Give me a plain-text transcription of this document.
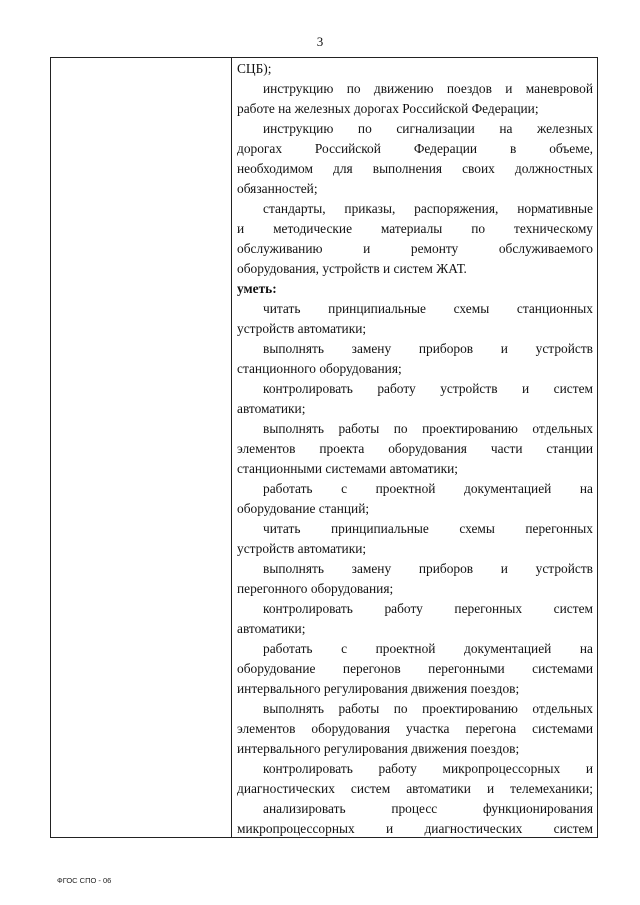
3
СЦБ);
инструкцию по движению поездов и маневровой
работе на железных дорогах Российской Федерации;
инструкцию по сигнализации на железных
дорогах Российской Федерации в объеме,
необходимом для выполнения своих должностных
обязанностей;
стандарты, приказы, распоряжения, нормативные
и методические материалы по техническому
обслуживанию и ремонту обслуживаемого
оборудования, устройств и систем ЖАТ.
уметь:
читать принципиальные схемы станционных
устройств автоматики;
выполнять замену приборов и устройств
станционного оборудования;
контролировать работу устройств и систем
автоматики;
выполнять работы по проектированию отдельных
элементов проекта оборудования части станции
станционными системами автоматики;
работать с проектной документацией на
оборудование станций;
читать принципиальные схемы перегонных
устройств автоматики;
выполнять замену приборов и устройств
перегонного оборудования;
контролировать работу перегонных систем
автоматики;
работать с проектной документацией на
оборудование перегонов перегонными системами
интервального регулирования движения поездов;
выполнять работы по проектированию отдельных
элементов оборудования участка перегона системами
интервального регулирования движения поездов;
контролировать работу микропроцессорных и
диагностических систем автоматики и телемеханики;
анализировать процесс функционирования
микропроцессорных и диагностических систем
ФГОС СПО - 06
